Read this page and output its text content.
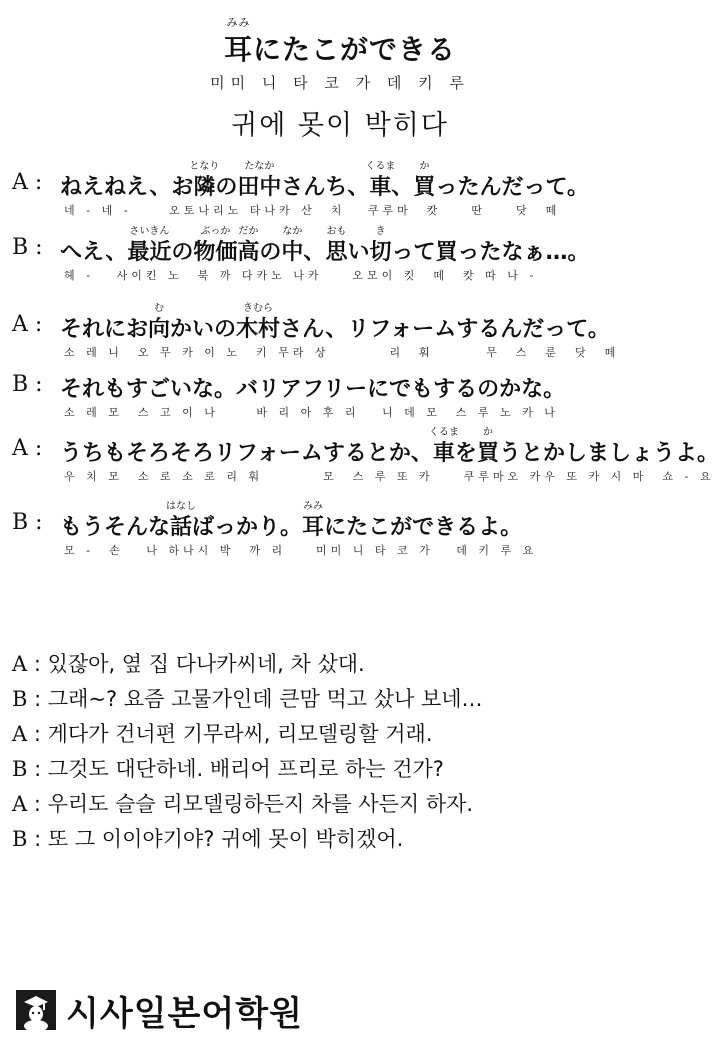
みみ
耳にたこができる
미미 니 타 코 가 데 키 루
귀에 못이 박히다
A : ねえねえ、お
となり
隣の
たなか
田中さんち、
くるま
車、
か
買ったんだって。
네 - 네 -     오토나리노 타나카 산  치   쿠루마  캇    딴    닷  떼
B : へえ、
さいきん
最近の
ぶっか
物価
だか
高の
なか
中、
おも
思い
き
切って買ったなぁ…。
헤 -   사이킨 노  북 까 다카노 나카    오모이 킷  떼  캇 따 나 -
A : それにお
む
向かいの
きむら
木村さん、リフォームするんだって。
소 레 니  오 무 카 이 노  키 무라 상        리  훠       무  스  룬  닷  떼
B : それもすごいな。バリアフリーにでもするのかな。
소 레 모  스 고 이 나     바 리 아 후 리   니 데 모  스 루 노 카 나
A : うちもそろそろリフォームするとか、
くるま
車を
か
買うとかしましょうよ。
우 치 모  소 로 소 로 리 훠        모  스 루 또 카    쿠루마오 카우 또 카 시 마  쇼 - 요
B : もうそんな
はなし
話ばっかり。
みみ
耳にたこができるよ。
모 -  손   나 하나시 박  까 리    미미 니 타 코 가   데 키 루 요
A : 있잖아, 옆 집 다나카씨네, 차 샀대.
B : 그래~? 요즘 고물가인데 큰맘 먹고 샀나 보네…
A : 게다가 건너편 기무라씨, 리모델링할 거래.
B : 그것도 대단하네. 배리어 프리로 하는 건가?
A : 우리도 슬슬 리모델링하든지 차를 사든지 하자.
B : 또 그 이이야기야? 귀에 못이 박히겠어.
시사일본어학원
